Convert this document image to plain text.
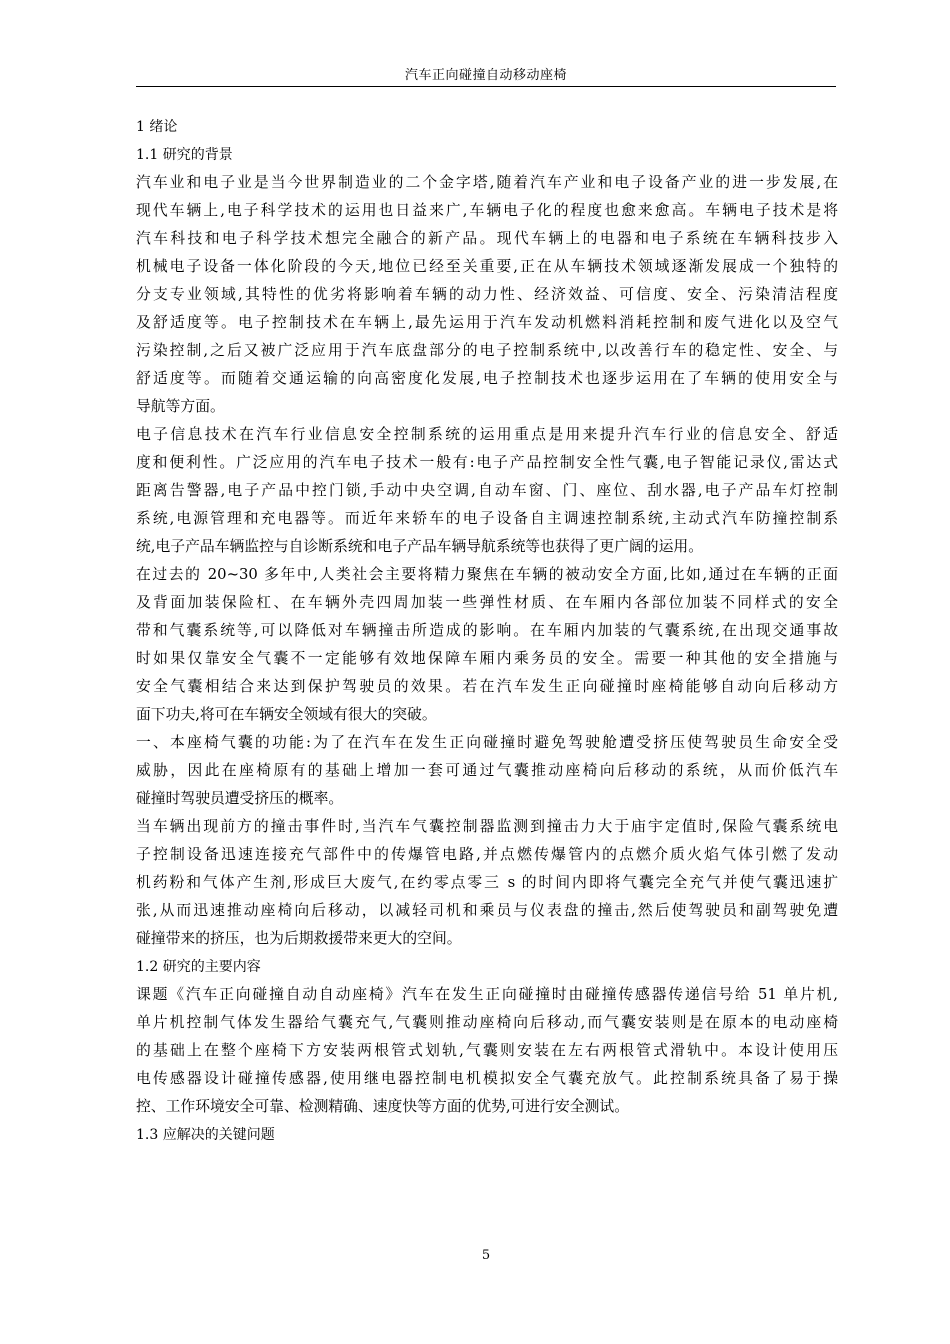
汽车正向碰撞自动移动座椅
1 绪论
1.1 研究的背景
汽车业和电子业是当今世界制造业的二个金字塔,随着汽车产业和电子设备产业的进一步发展,在
现代车辆上,电子科学技术的运用也日益来广,车辆电子化的程度也愈来愈高。车辆电子技术是将
汽车科技和电子科学技术想完全融合的新产品。现代车辆上的电器和电子系统在车辆科技步入
机械电子设备一体化阶段的今天,地位已经至关重要,正在从车辆技术领域逐渐发展成一个独特的
分支专业领域,其特性的优劣将影响着车辆的动力性、经济效益、可信度、安全、污染清洁程度
及舒适度等。电子控制技术在车辆上,最先运用于汽车发动机燃料消耗控制和废气进化以及空气
污染控制,之后又被广泛应用于汽车底盘部分的电子控制系统中,以改善行车的稳定性、安全、与
舒适度等。而随着交通运输的向高密度化发展,电子控制技术也逐步运用在了车辆的使用安全与
导航等方面。
电子信息技术在汽车行业信息安全控制系统的运用重点是用来提升汽车行业的信息安全、舒适
度和便利性。广泛应用的汽车电子技术一般有:电子产品控制安全性气囊,电子智能记录仪,雷达式
距离告警器,电子产品中控门锁,手动中央空调,自动车窗、门、座位、刮水器,电子产品车灯控制
系统,电源管理和充电器等。而近年来轿车的电子设备自主调速控制系统,主动式汽车防撞控制系
统,电子产品车辆监控与自诊断系统和电子产品车辆导航系统等也获得了更广阔的运用。
在过去的 20~30 多年中,人类社会主要将精力聚焦在车辆的被动安全方面,比如,通过在车辆的正面
及背面加装保险杠、在车辆外壳四周加装一些弹性材质、在车厢内各部位加装不同样式的安全
带和气囊系统等,可以降低对车辆撞击所造成的影响。在车厢内加装的气囊系统,在出现交通事故
时如果仅靠安全气囊不一定能够有效地保障车厢内乘务员的安全。需要一种其他的安全措施与
安全气囊相结合来达到保护驾驶员的效果。若在汽车发生正向碰撞时座椅能够自动向后移动方
面下功夫,将可在车辆安全领域有很大的突破。
一、本座椅气囊的功能:为了在汽车在发生正向碰撞时避免驾驶舱遭受挤压使驾驶员生命安全受
威胁，因此在座椅原有的基础上增加一套可通过气囊推动座椅向后移动的系统，从而价低汽车
碰撞时驾驶员遭受挤压的概率。
当车辆出现前方的撞击事件时,当汽车气囊控制器监测到撞击力大于庙宇定值时,保险气囊系统电
子控制设备迅速连接充气部件中的传爆管电路,并点燃传爆管内的点燃介质火焰气体引燃了发动
机药粉和气体产生剂,形成巨大废气,在约零点零三 s 的时间内即将气囊完全充气并使气囊迅速扩
张,从而迅速推动座椅向后移动，以减轻司机和乘员与仪表盘的撞击,然后使驾驶员和副驾驶免遭
碰撞带来的挤压，也为后期救援带来更大的空间。
1.2 研究的主要内容
课题《汽车正向碰撞自动自动座椅》汽车在发生正向碰撞时由碰撞传感器传递信号给 51 单片机,
单片机控制气体发生器给气囊充气,气囊则推动座椅向后移动,而气囊安装则是在原本的电动座椅
的基础上在整个座椅下方安装两根管式划轨,气囊则安装在左右两根管式滑轨中。本设计使用压
电传感器设计碰撞传感器,使用继电器控制电机模拟安全气囊充放气。此控制系统具备了易于操
控、工作环境安全可靠、检测精确、速度快等方面的优势,可进行安全测试。
1.3 应解决的关键问题
5
